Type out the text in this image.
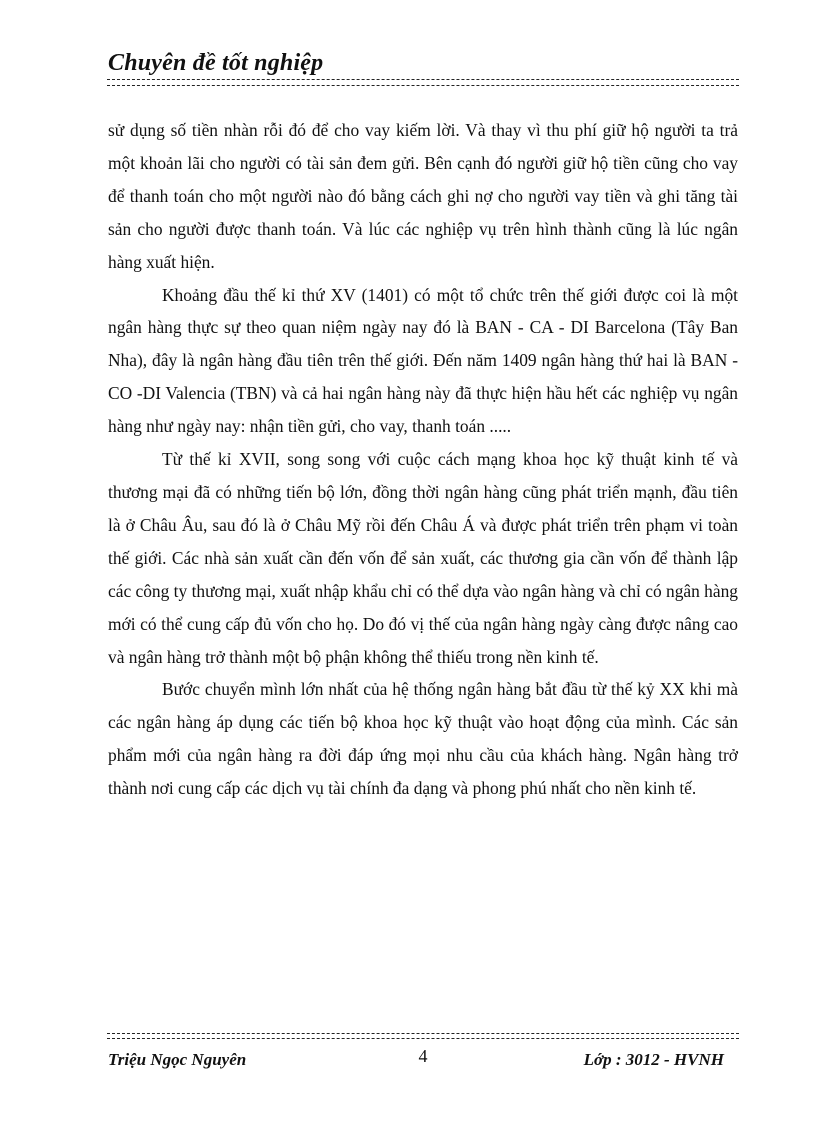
Chuyên đề tốt nghiệp

sử dụng số tiền nhàn rỗi đó để cho vay kiếm lời. Và thay vì thu phí giữ hộ người ta trả một khoản lãi cho người có tài sản đem gửi. Bên cạnh đó người giữ hộ tiền cũng cho vay để thanh toán cho một người nào đó bằng cách ghi nợ cho người vay tiền và ghi tăng tài sản cho người được thanh toán. Và lúc các nghiệp vụ trên hình thành cũng là lúc ngân hàng xuất hiện.

Khoảng đầu thế kỉ thứ XV (1401) có một tổ chức trên thế giới được coi là một ngân hàng thực sự theo quan niệm ngày nay đó là BAN - CA - DI Barcelona (Tây Ban Nha), đây là ngân hàng đầu tiên trên thế giới. Đến năm 1409 ngân hàng thứ hai là BAN -CO -DI Valencia (TBN) và cả hai ngân hàng này đã thực hiện hầu hết các nghiệp vụ ngân hàng như ngày nay: nhận tiền gửi, cho vay, thanh toán .....

Từ thế kỉ XVII, song song với cuộc cách mạng khoa học kỹ thuật kinh tế và thương mại đã có những tiến bộ lớn, đồng thời ngân hàng cũng phát triển mạnh, đầu tiên là ở Châu Âu, sau đó là ở Châu Mỹ rồi đến Châu Á và được phát triển trên phạm vi toàn thế giới. Các nhà sản xuất cần đến vốn để sản xuất, các thương gia cần vốn để thành lập các công ty thương mại, xuất nhập khẩu chỉ có thể dựa vào ngân hàng và chỉ có ngân hàng mới có thể cung cấp đủ vốn cho họ. Do đó vị thế của ngân hàng ngày càng được nâng cao và ngân hàng trở thành một bộ phận không thể thiếu trong nền kinh tế.

Bước chuyển mình lớn nhất của hệ thống ngân hàng bắt đầu từ thế kỷ XX khi mà các ngân hàng áp dụng các tiến bộ khoa học kỹ thuật vào hoạt động của mình. Các sản phẩm mới của ngân hàng ra đời đáp ứng mọi nhu cầu của khách hàng. Ngân hàng trở thành nơi cung cấp các dịch vụ tài chính đa dạng và phong phú nhất cho nền kinh tế.

Triệu Ngọc Nguyên	4	Lớp : 3012 - HVNH
